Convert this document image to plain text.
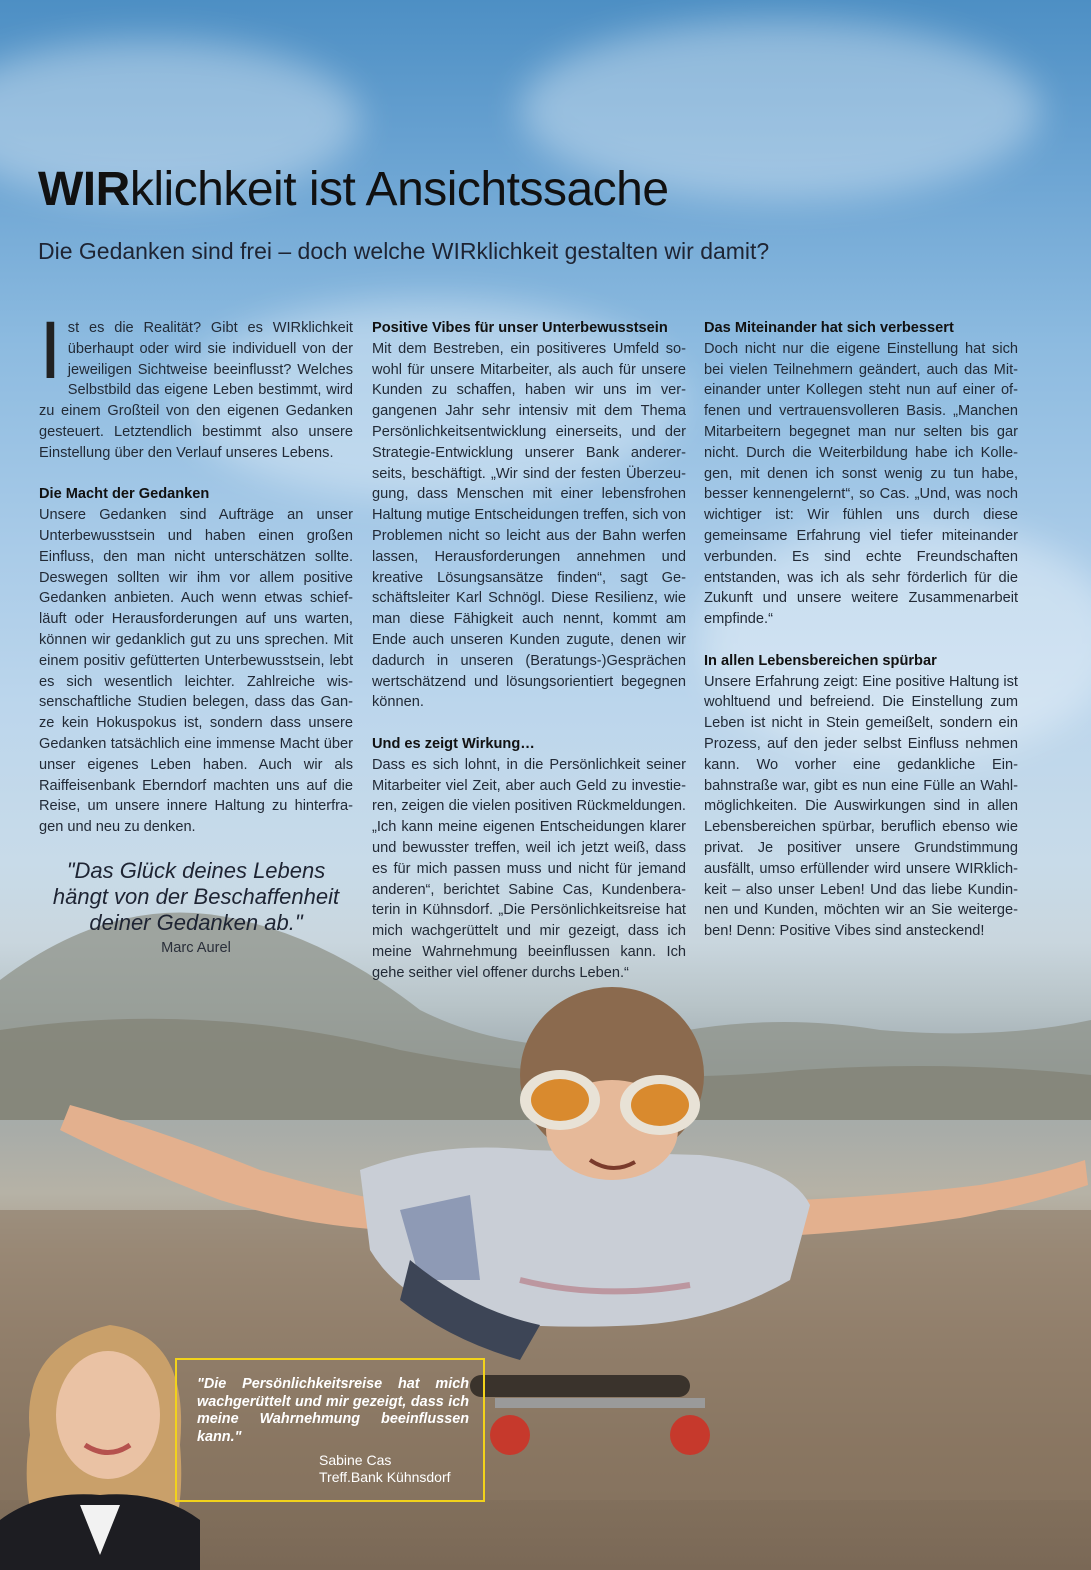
WIRklichkeit ist Ansichtssache
Die Gedanken sind frei – doch welche WIRklichkeit gestalten wir damit?

Ist es die Realität? Gibt es WIRklichkeit überhaupt oder wird sie individuell von der jeweiligen Sichtweise beeinflusst? Welches Selbstbild das eigene Leben bestimmt, wird zu einem Großteil von den eigenen Gedanken gesteuert. Letztendlich bestimmt also unsere Einstellung über den Verlauf unseres Lebens.

Die Macht der Gedanken

Unsere Gedanken sind Aufträge an unser Unterbewusstsein und haben einen großen Einfluss, den man nicht unterschätzen sollte. Deswegen sollten wir ihm vor allem positive Gedanken anbieten. Auch wenn etwas schiefläuft oder Herausforderungen auf uns warten, können wir gedanklich gut zu uns sprechen. Mit einem positiv gefütterten Unterbewusstsein, lebt es sich wesentlich leichter. Zahlreiche wissenschaftliche Studien belegen, dass das Ganze kein Hokuspokus ist, sondern dass unsere Gedanken tatsächlich eine immense Macht über unser eigenes Leben haben. Auch wir als Raiffeisenbank Eberndorf machten uns auf die Reise, um unsere innere Haltung zu hinterfragen und neu zu denken.

"Das Glück deines Lebens hängt von der Beschaffenheit deiner Gedanken ab."

Marc Aurel
Positive Vibes für unser Unterbewusstsein

Mit dem Bestreben, ein positiveres Umfeld sowohl für unsere Mitarbeiter, als auch für unsere Kunden zu schaffen, haben wir uns im vergangenen Jahr sehr intensiv mit dem Thema Persönlichkeitsentwicklung einerseits, und der Strategie-Entwicklung unserer Bank andererseits, beschäftigt. „Wir sind der festen Überzeugung, dass Menschen mit einer lebensfrohen Haltung mutige Entscheidungen treffen, sich von Problemen nicht so leicht aus der Bahn werfen lassen, Herausforderungen annehmen und kreative Lösungsansätze finden“, sagt Geschäftsleiter Karl Schnögl. Diese Resilienz, wie man diese Fähigkeit auch nennt, kommt am Ende auch unseren Kunden zugute, denen wir dadurch in unseren (Beratungs-)Gesprächen wertschätzend und lösungsorientiert begegnen können.

Und es zeigt Wirkung…

Dass es sich lohnt, in die Persönlichkeit seiner Mitarbeiter viel Zeit, aber auch Geld zu investieren, zeigen die vielen positiven Rückmeldungen. „Ich kann meine eigenen Entscheidungen klarer und bewusster treffen, weil ich jetzt weiß, dass es für mich passen muss und nicht für jemand anderen“, berichtet Sabine Cas, Kundenberaterin in Kühnsdorf. „Die Persönlichkeitsreise hat mich wachgerüttelt und mir gezeigt, dass ich meine Wahrnehmung beeinflussen kann. Ich gehe seither viel offener durchs Leben.“

Das Miteinander hat sich verbessert

Doch nicht nur die eigene Einstellung hat sich bei vielen Teilnehmern geändert, auch das Miteinander unter Kollegen steht nun auf einer offenen und vertrauensvolleren Basis. „Manchen Mitarbeitern begegnet man nur selten bis gar nicht. Durch die Weiterbildung habe ich Kollegen, mit denen ich sonst wenig zu tun habe, besser kennengelernt“, so Cas. „Und, was noch wichtiger ist: Wir fühlen uns durch diese gemeinsame Erfahrung viel tiefer miteinander verbunden. Es sind echte Freundschaften entstanden, was ich als sehr förderlich für die Zukunft und unsere weitere Zusammenarbeit empfinde.“

In allen Lebensbereichen spürbar

Unsere Erfahrung zeigt: Eine positive Haltung ist wohltuend und befreiend. Die Einstellung zum Leben ist nicht in Stein gemeißelt, sondern ein Prozess, auf den jeder selbst Einfluss nehmen kann. Wo vorher eine gedankliche Einbahnstraße war, gibt es nun eine Fülle an Wahlmöglichkeiten. Die Auswirkungen sind in allen Lebensbereichen spürbar, beruflich ebenso wie privat. Je positiver unsere Grundstimmung ausfällt, umso erfüllender wird unsere WIRklichkeit – also unser Leben! Und das liebe Kundinnen und Kunden, möchten wir an Sie weitergeben! Denn: Positive Vibes sind ansteckend!

"Die Persönlichkeitsreise hat mich wachgerüttelt und mir gezeigt, dass ich meine Wahrnehmung beeinflussen kann."

Sabine Cas
Treff.Bank Kühnsdorf
